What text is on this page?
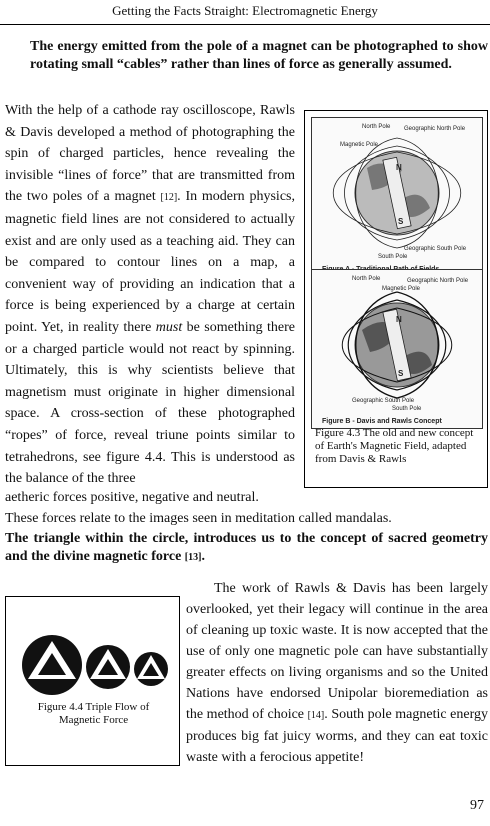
Getting the Facts Straight: Electromagnetic Energy
The energy emitted from the pole of a magnet can be photographed to show rotating small “cables” rather than lines of force as generally assumed.
With the help of a cathode ray oscilloscope, Rawls & Davis developed a method of photographing the spin of charged particles, hence revealing the invisible “lines of force” that are transmitted from the two poles of a magnet [12]. In modern physics, magnetic field lines are not considered to actually exist and are only used as a teaching aid. They can be compared to contour lines on a map, a convenient way of providing an indication that a force is being experienced by a charge at certain point. Yet, in reality there must be something there or a charged particle would not react by spinning. Ultimately, this is why scientists believe that magnetism must originate in higher dimensional space. A cross-section of these photographed “ropes” of force, reveal triune points similar to tetrahedrons, see figure 4.4. This is understood as the balance of the three
aetheric forces positive, negative and neutral.
These forces relate to the images seen in meditation called mandalas.
N
S
North Pole Geographic North Pole
Magnetic Pole
South Pole
Geographic South Pole
N
S
North Pole	Geographic North Pole
Magnetic Pole
South Pole
Geographic South Pole
Figure B - Davis and Rawls Concept
Figure 4.3 The old and new concept of Earth's Magnetic Field, adapted from Davis & Rawls
The triangle within the circle, introduces us to the concept of sacred geometry and the divine magnetic force [13].
Figure 4.4 Triple Flow of Magnetic Force
The work of Rawls & Davis has been largely overlooked, yet their legacy will continue in the area of cleaning up toxic waste. It is now accepted that the use of only one magnetic pole can have substantially greater effects on living organisms and so the United Nations have endorsed Unipolar bioremediation as the method of choice [14]. South pole magnetic energy produces big fat juicy worms, and they can eat toxic waste with a ferocious appetite!
97
